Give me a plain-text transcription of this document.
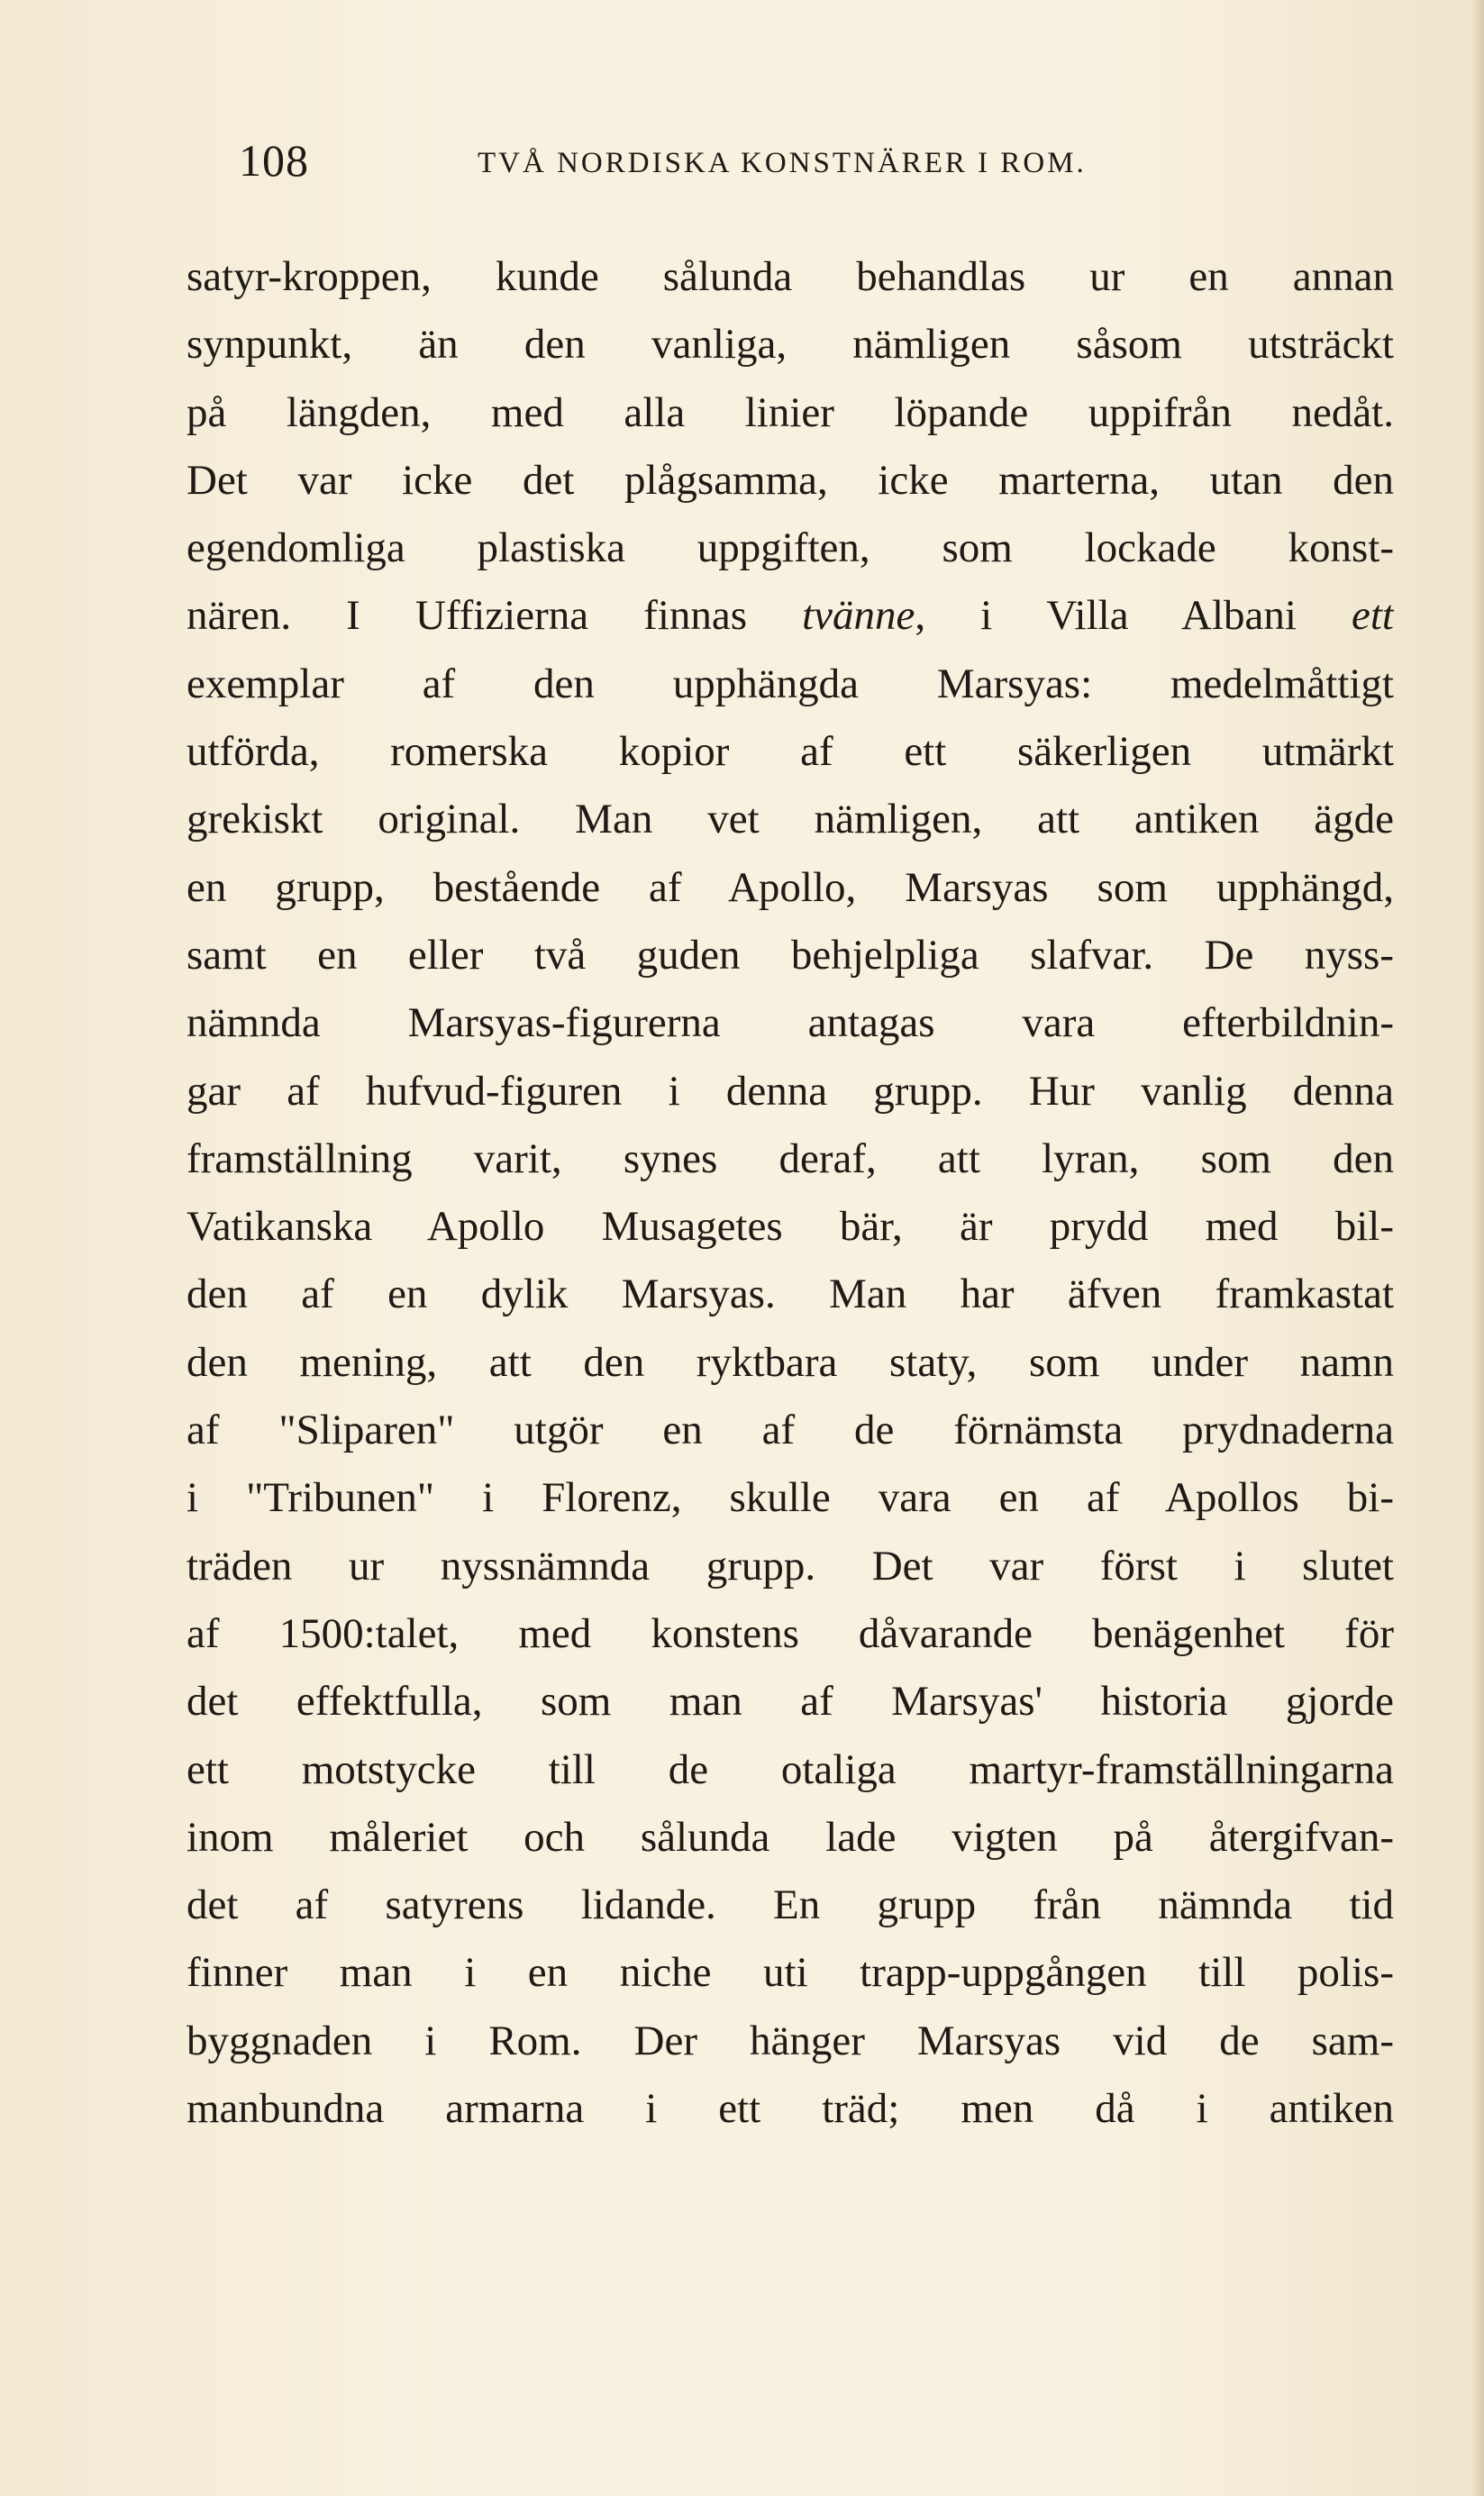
108	TVÅ NORDISKA KONSTNÄRER I ROM.
satyr-kroppen, kunde sålunda behandlas ur en annan
synpunkt, än den vanliga, nämligen såsom utsträckt
på längden, med alla linier löpande uppifrån nedåt.
Det var icke det plågsamma, icke marterna, utan den
egendomliga plastiska uppgiften, som lockade konst-
nären. I Uffizierna finnas tvänne, i Villa Albani ett
exemplar af den upphängda Marsyas: medelmåttigt
utförda, romerska kopior af ett säkerligen utmärkt
grekiskt original. Man vet nämligen, att antiken ägde
en grupp, bestående af Apollo, Marsyas som upphängd,
samt en eller två guden behjelpliga slafvar. De nyss-
nämnda Marsyas-figurerna antagas vara efterbildnin-
gar af hufvud-figuren i denna grupp. Hur vanlig denna
framställning varit, synes deraf, att lyran, som den
Vatikanska Apollo Musagetes bär, är prydd med bil-
den af en dylik Marsyas. Man har äfven framkastat
den mening, att den ryktbara staty, som under namn
af "Sliparen" utgör en af de förnämsta prydnaderna
i "Tribunen" i Florenz, skulle vara en af Apollos bi-
träden ur nyssnämnda grupp. Det var först i slutet
af 1500:talet, med konstens dåvarande benägenhet för
det effektfulla, som man af Marsyas' historia gjorde
ett motstycke till de otaliga martyr-framställningarna
inom måleriet och sålunda lade vigten på återgifvan-
det af satyrens lidande. En grupp från nämnda tid
finner man i en niche uti trapp-uppgången till polis-
byggnaden i Rom. Der hänger Marsyas vid de sam-
manbundna armarna i ett träd; men då i antiken
